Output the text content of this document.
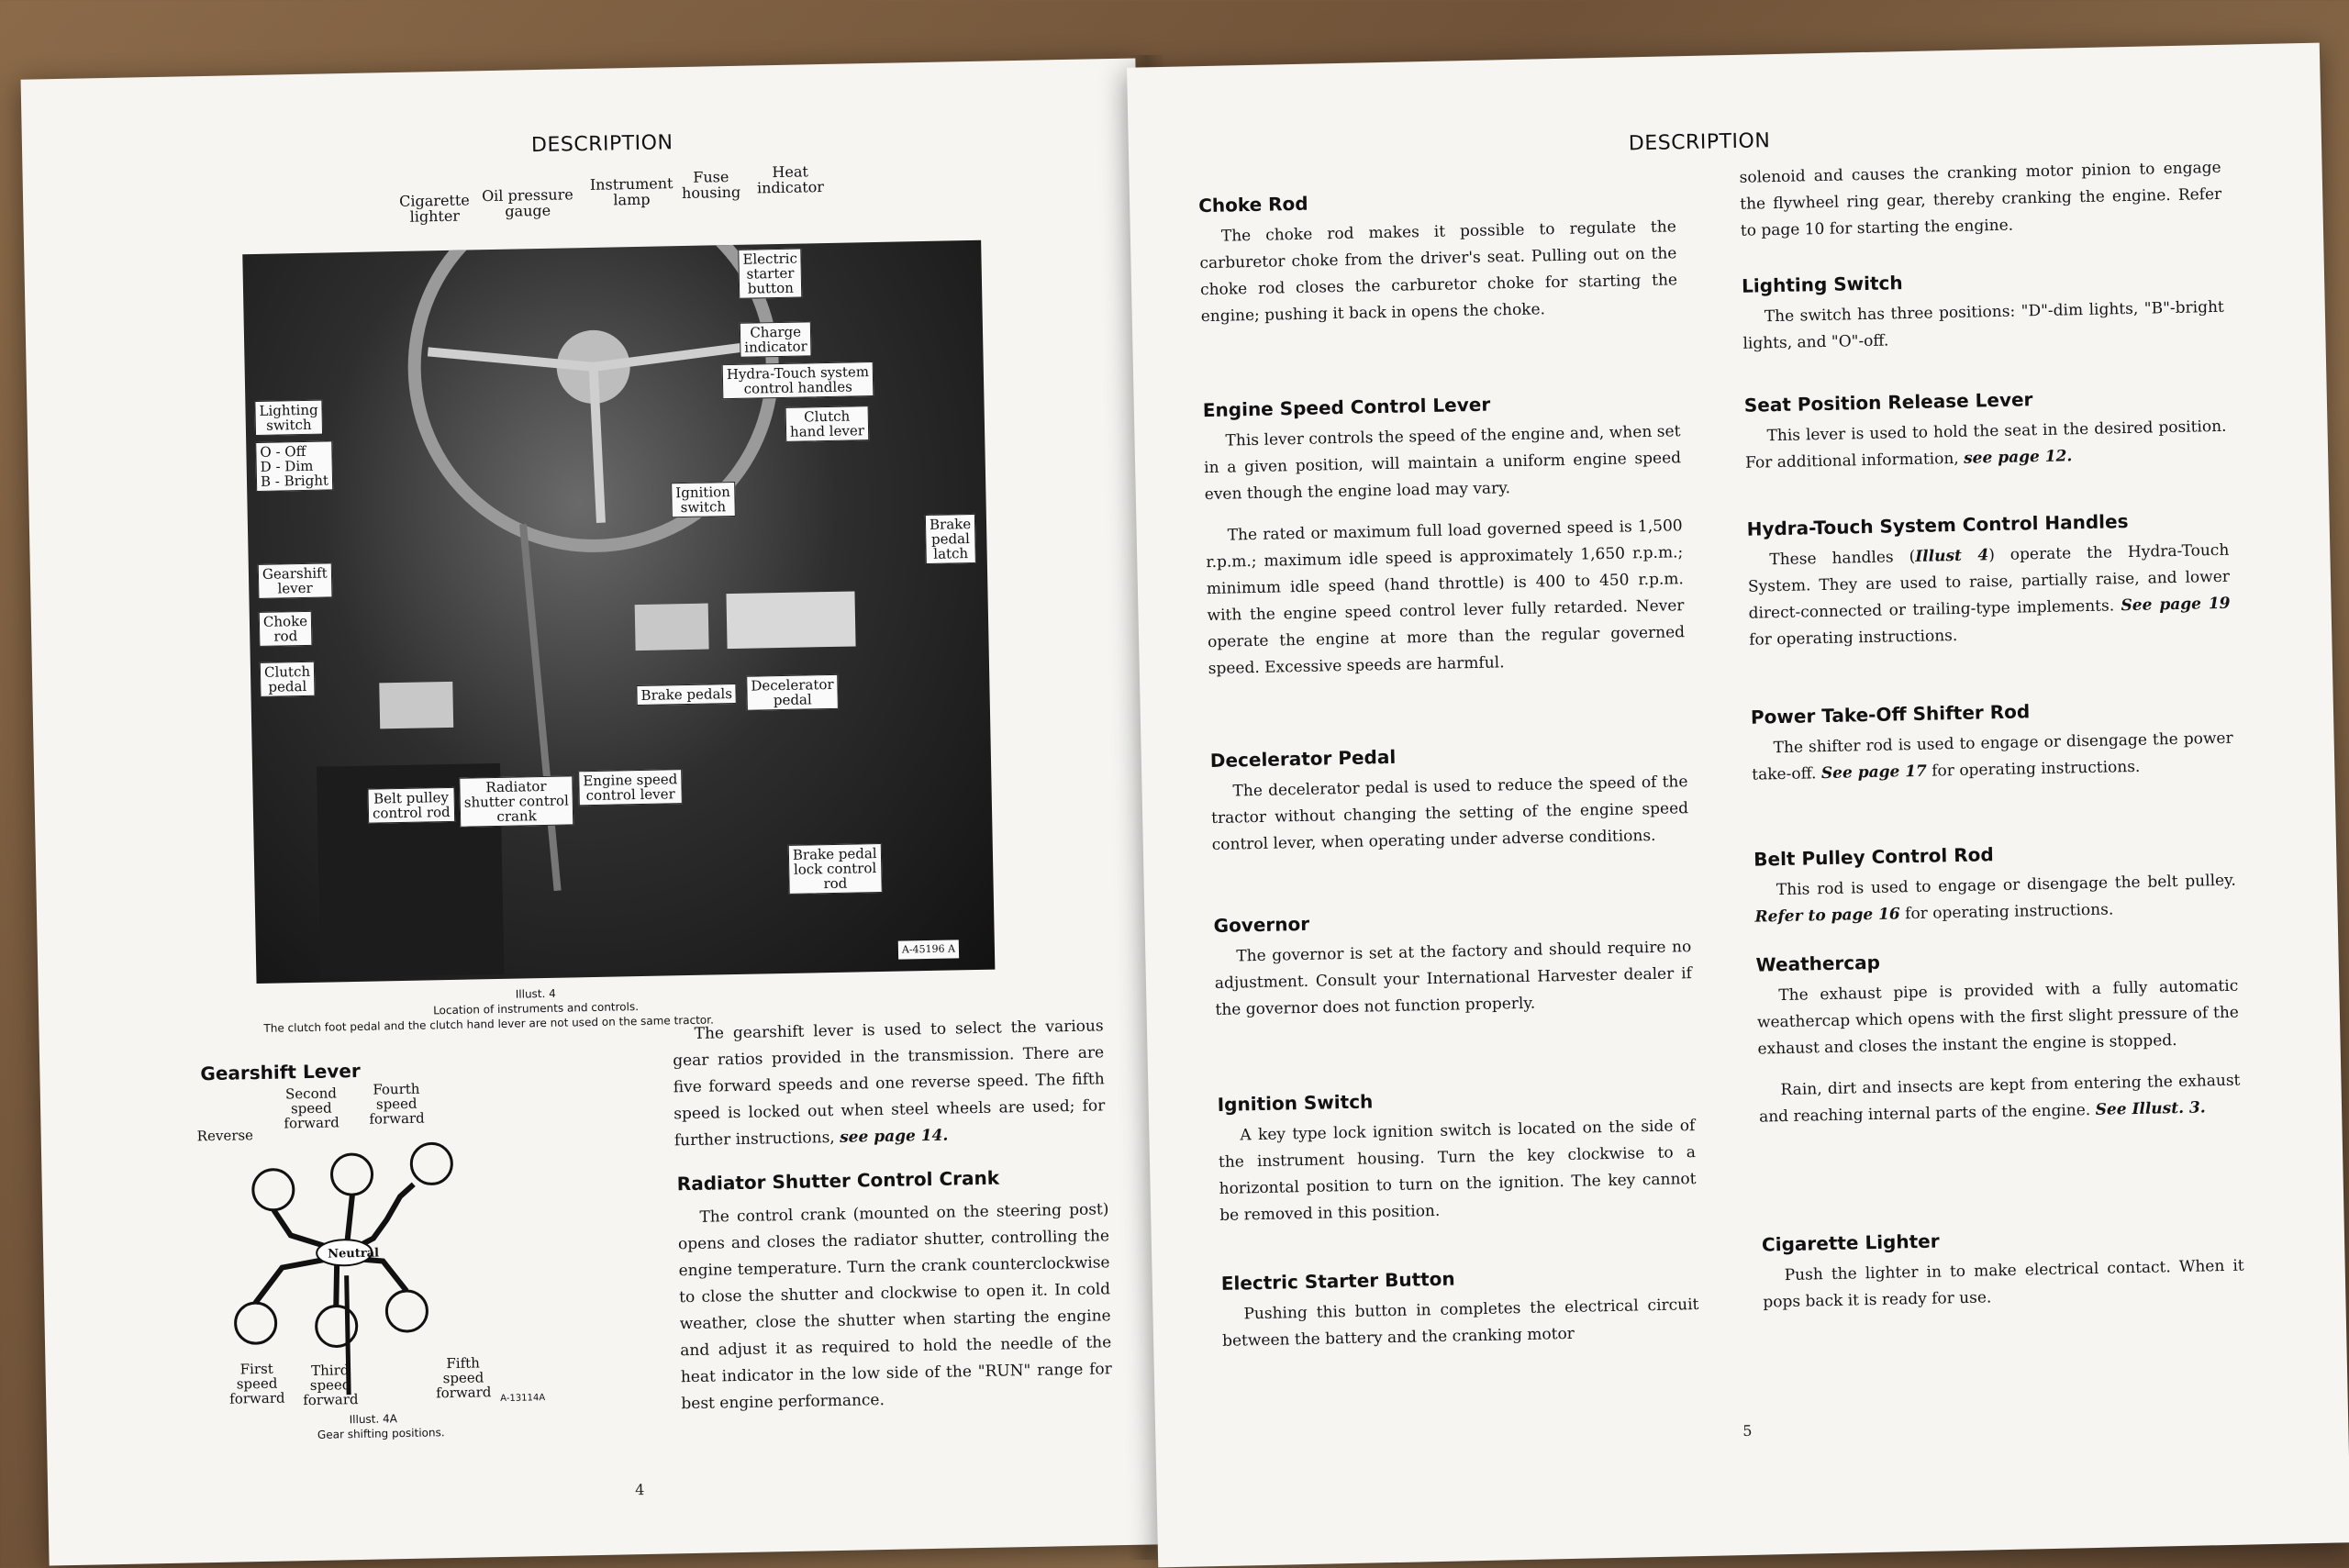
DESCRIPTION
Cigarette
lighter
Oil pressure
gauge
Instrument
lamp
Fuse
housing
Heat
indicator
Electric
starter
button
Charge
indicator
Hydra-Touch system
control handles
Clutch
hand lever
Lighting
switch
O - Off
D - Dim
B - Bright
Ignition
switch
Brake
pedal
latch
Gearshift
lever
Choke
rod
Clutch
pedal	Brake pedals
Decelerator
pedal
Belt pulley
control rod
Radiator
shutter control
crank
Engine speed
control lever
Brake pedal
lock control
rod
A-45196 A
Illust. 4
Location of instruments and controls.
The clutch foot pedal and the clutch hand lever are not used on the same tractor.
Gearshift Lever
Reverse
Second
speed
forward
Fourth
speed
forward
Neutral
First
speed
forward
Third
speed
forward
Fifth
speed
forward A-13114A
Illust. 4A
Gear shifting positions.
The gearshift lever is used to select the various gear ratios provided in the transmission. There are five forward speeds and one reverse speed. The fifth speed is locked out when steel wheels are used; for further instructions, see page 14.
Radiator Shutter Control Crank
The control crank (mounted on the steering post) opens and closes the radiator shutter, controlling the engine temperature. Turn the crank counterclockwise to close the shutter and clockwise to open it. In cold weather, close the shutter when starting the engine and adjust it as required to hold the needle of the heat indicator in the low side of the "RUN" range for best engine performance.
4
DESCRIPTION
Choke Rod
The choke rod makes it possible to regulate the carburetor choke from the driver's seat. Pulling out on the choke rod closes the carburetor choke for starting the engine; pushing it back in opens the choke.
Engine Speed Control Lever
This lever controls the speed of the engine and, when set in a given position, will maintain a uniform engine speed even though the engine load may vary.
The rated or maximum full load governed speed is 1,500 r.p.m.; maximum idle speed is approximately 1,650 r.p.m.; minimum idle speed (hand throttle) is 400 to 450 r.p.m. with the engine speed control lever fully retarded. Never operate the engine at more than the regular governed speed. Excessive speeds are harmful.
Decelerator Pedal
The decelerator pedal is used to reduce the speed of the tractor without changing the setting of the engine speed control lever, when operating under adverse conditions.
Governor
The governor is set at the factory and should require no adjustment. Consult your International Harvester dealer if the governor does not function properly.
Ignition Switch
A key type lock ignition switch is located on the side of the instrument housing. Turn the key clockwise to a horizontal position to turn on the ignition. The key cannot be removed in this position.
Electric Starter Button
Pushing this button in completes the electrical circuit between the battery and the cranking motor
solenoid and causes the cranking motor pinion to engage the flywheel ring gear, thereby cranking the engine. Refer to page 10 for starting the engine.
Lighting Switch
The switch has three positions: "D"-dim lights, "B"-bright lights, and "O"-off.
Seat Position Release Lever
This lever is used to hold the seat in the desired position. For additional information, see page 12.
Hydra-Touch System Control Handles
These handles (Illust 4) operate the Hydra-Touch System. They are used to raise, partially raise, and lower direct-connected or trailing-type implements. See page 19 for operating instructions.
Power Take-Off Shifter Rod
The shifter rod is used to engage or disengage the power take-off. See page 17 for operating instructions.
Belt Pulley Control Rod
This rod is used to engage or disengage the belt pulley. Refer to page 16 for operating instructions.
Weathercap
The exhaust pipe is provided with a fully automatic weathercap which opens with the first slight pressure of the exhaust and closes the instant the engine is stopped.
Rain, dirt and insects are kept from entering the exhaust and reaching internal parts of the engine. See Illust. 3.
Cigarette Lighter
Push the lighter in to make electrical contact. When it pops back it is ready for use.
5
